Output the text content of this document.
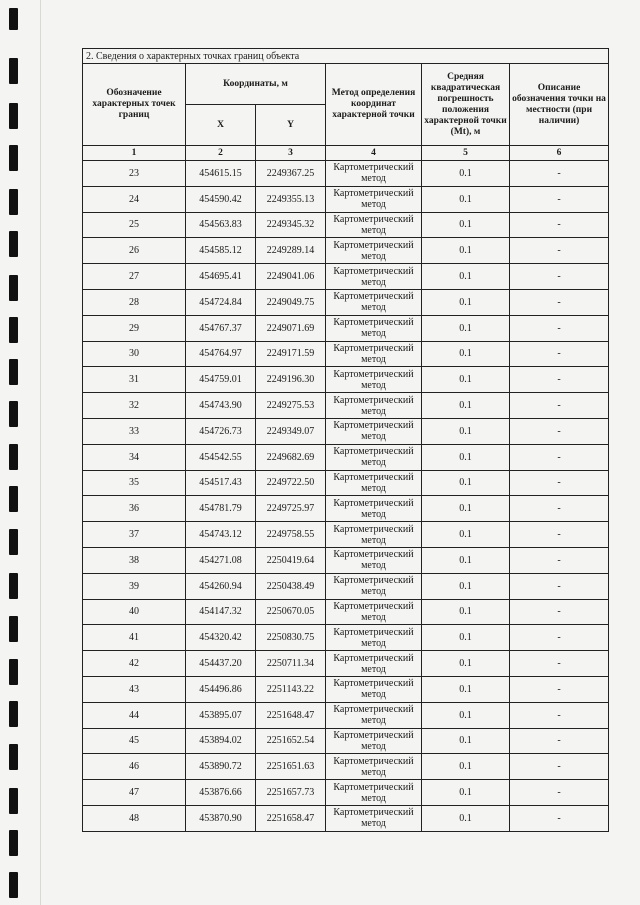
2. Сведения о характерных точках границ объекта					
Обозначение характерных точек границ	Координаты, м		Метод определения координат характерной точки	Средняя квадратическая погрешность положения характерной точки (Mt), м	Описание обозначения точки на местности (при наличии)
	X	Y			
1	2	3	4	5	6
23	454615.15	2249367.25	Картометрический метод	0.1	-
24	454590.42	2249355.13	Картометрический метод	0.1	-
25	454563.83	2249345.32	Картометрический метод	0.1	-
26	454585.12	2249289.14	Картометрический метод	0.1	-
27	454695.41	2249041.06	Картометрический метод	0.1	-
28	454724.84	2249049.75	Картометрический метод	0.1	-
29	454767.37	2249071.69	Картометрический метод	0.1	-
30	454764.97	2249171.59	Картометрический метод	0.1	-
31	454759.01	2249196.30	Картометрический метод	0.1	-
32	454743.90	2249275.53	Картометрический метод	0.1	-
33	454726.73	2249349.07	Картометрический метод	0.1	-
34	454542.55	2249682.69	Картометрический метод	0.1	-
35	454517.43	2249722.50	Картометрический метод	0.1	-
36	454781.79	2249725.97	Картометрический метод	0.1	-
37	454743.12	2249758.55	Картометрический метод	0.1	-
38	454271.08	2250419.64	Картометрический метод	0.1	-
39	454260.94	2250438.49	Картометрический метод	0.1	-
40	454147.32	2250670.05	Картометрический метод	0.1	-
41	454320.42	2250830.75	Картометрический метод	0.1	-
42	454437.20	2250711.34	Картометрический метод	0.1	-
43	454496.86	2251143.22	Картометрический метод	0.1	-
44	453895.07	2251648.47	Картометрический метод	0.1	-
45	453894.02	2251652.54	Картометрический метод	0.1	-
46	453890.72	2251651.63	Картометрический метод	0.1	-
47	453876.66	2251657.73	Картометрический метод	0.1	-
48	453870.90	2251658.47	Картометрический метод	0.1	-
